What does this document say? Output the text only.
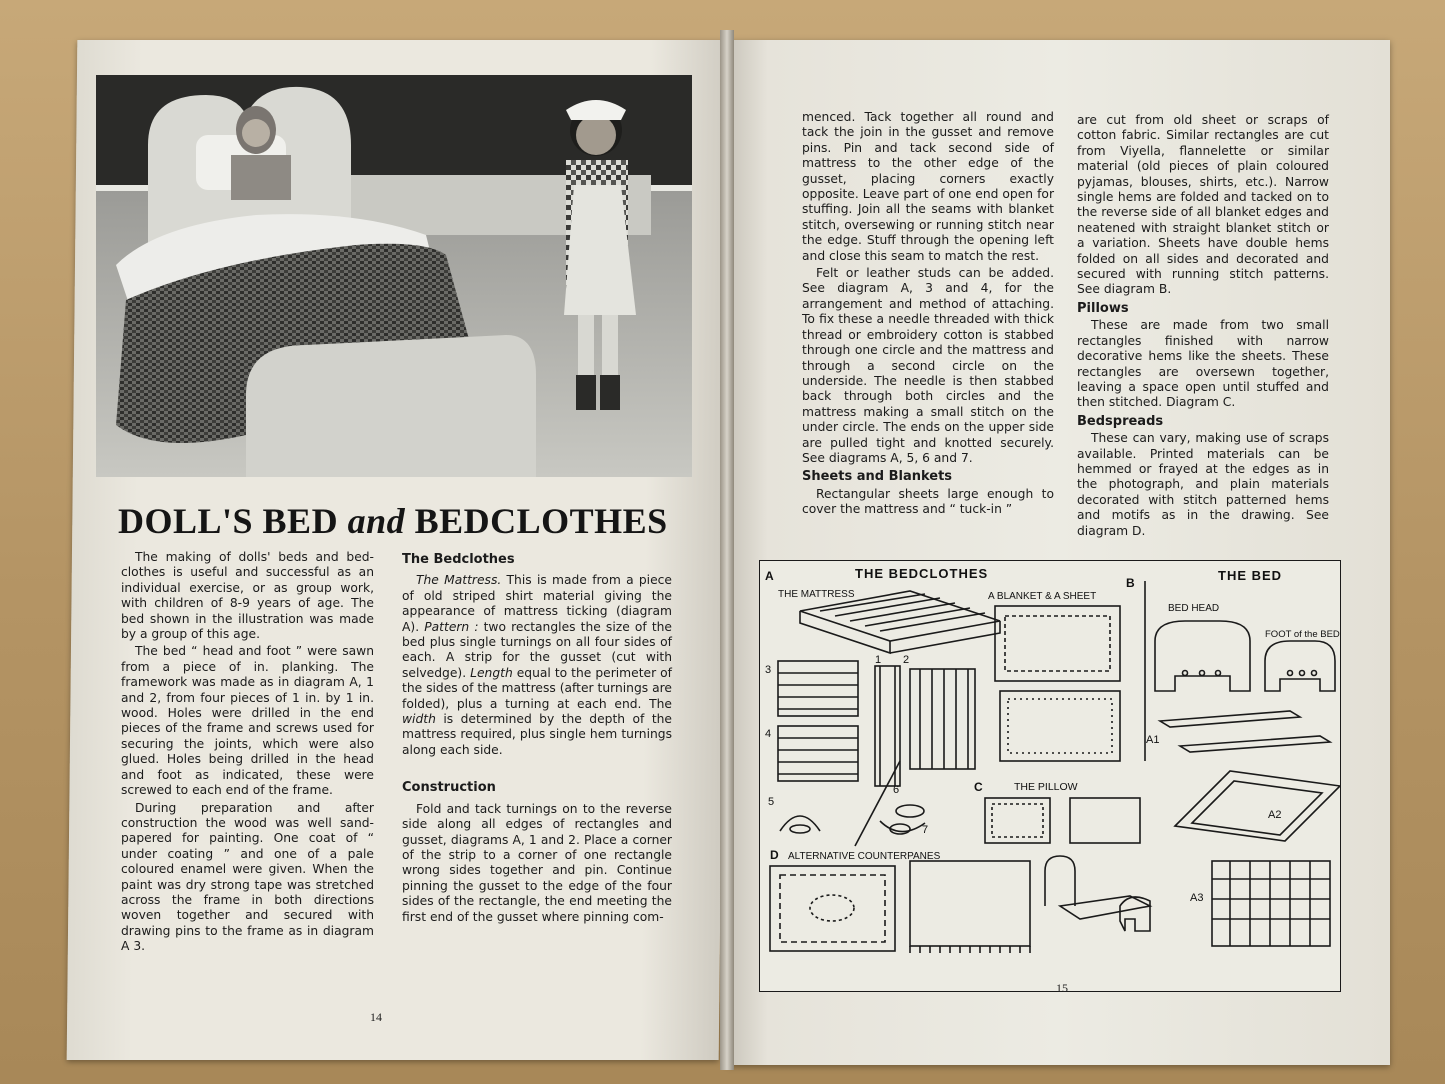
DOLL'S BED and BEDCLOTHES

The making of dolls' beds and bed-clothes is useful and successful as an individual exercise, or as group work, with children of 8-9 years of age. The bed shown in the illustration was made by a group of this age.

The bed “ head and foot ” were sawn from a piece of in. planking. The framework was made as in diagram A, 1 and 2, from four pieces of 1 in. by 1 in. wood. Holes were drilled in the end pieces of the frame and screws used for securing the joints, which were also glued. Holes being drilled in the head and foot as indicated, these were screwed to each end of the frame.

During preparation and after construction the wood was well sand-papered for painting. One coat of “ under coating ” and one of a pale coloured enamel were given. When the paint was dry strong tape was stretched across the frame in both directions woven together and secured with drawing pins to the frame as in diagram A 3.

The Bedclothes

The Mattress. This is made from a piece of old striped shirt material giving the appearance of mattress ticking (diagram A). Pattern : two rectangles the size of the bed plus single turnings on all four sides of each. A strip for the gusset (cut with selvedge). Length equal to the perimeter of the sides of the mattress (after turnings are folded), plus a turning at each end. The width is determined by the depth of the mattress required, plus single hem turnings along each side.

Construction

Fold and tack turnings on to the reverse side along all edges of rectangles and gusset, diagrams A, 1 and 2. Place a corner of the strip to a corner of one rectangle wrong sides together and pin. Continue pinning the gusset to the edge of the four sides of the rectangle, the end meeting the first end of the gusset where pinning com-

14

menced. Tack together all round and tack the join in the gusset and remove pins. Pin and tack second side of mattress to the other edge of the gusset, placing corners exactly opposite. Leave part of one end open for stuffing. Join all the seams with blanket stitch, oversewing or running stitch near the edge. Stuff through the opening left and close this seam to match the rest.

Felt or leather studs can be added. See diagram A, 3 and 4, for the arrangement and method of attaching. To fix these a needle threaded with thick thread or embroidery cotton is stabbed through one circle and the mattress and through a second circle on the underside. The needle is then stabbed back through both circles and the mattress making a small stitch on the under circle. The ends on the upper side are pulled tight and knotted securely. See diagrams A, 5, 6 and 7.

Sheets and Blankets

Rectangular sheets large enough to cover the mattress and “ tuck-in ”

are cut from old sheet or scraps of cotton fabric. Similar rectangles are cut from Viyella, flannelette or similar material (old pieces of plain coloured pyjamas, blouses, shirts, etc.). Narrow single hems are folded and tacked on to the reverse side of all blanket edges and neatened with straight blanket stitch or a variation. Sheets have double hems folded on all sides and decorated and secured with running stitch patterns. See diagram B.

Pillows

These are made from two small rectangles finished with narrow decorative hems like the sheets. These rectangles are oversewn together, leaving a space open until stuffed and then stitched. Diagram C.

Bedspreads

These can vary, making use of scraps available. Printed materials can be hemmed or frayed at the edges as in the photograph, and plain materials decorated with stitch patterned hems and motifs as in the drawing. See diagram D.

A	THE BEDCLOTHES
B	THE BED
THE MATTRESS	A BLANKET & A SHEET
BED HEAD
FOOT of the BED
C	THE PILLOW
D ALTERNATIVE COUNTERPANES
3
4
1 2
5
6
7
A1
A2
A3
15
